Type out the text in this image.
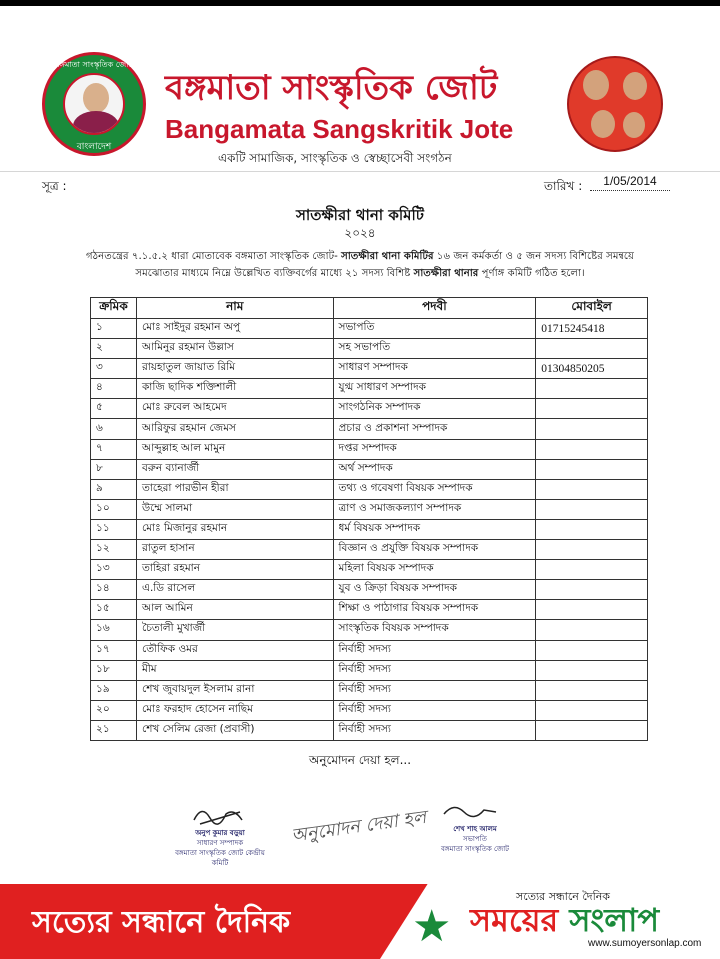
বঙ্গমাতা সাংস্কৃতিক জোট
বাংলাদেশ
বঙ্গমাতা সাংস্কৃতিক জোট
Bangamata Sangskritik Jote
একটি সামাজিক, সাংস্কৃতিক ও স্বেচ্ছাসেবী সংগঠন
সূত্র :	তারিখ :	1/05/2014
সাতক্ষীরা থানা কমিটি
২০২৪
গঠনতন্ত্রের ৭.১.৫.২ ধারা মোতাবেক বঙ্গমাতা সাংস্কৃতিক জোট- সাতক্ষীরা থানা কমিটির ১৬ জন কর্মকর্তা ও ৫ জন সদস্য বিশিষ্টের সমন্বয়ে সমঝোতার মাধ্যমে নিম্নে উল্লেখিত ব্যক্তিবর্গের মাধ্যে ২১ সদস্য বিশিষ্ট সাতক্ষীরা থানার পূর্ণাঙ্গ কমিটি গঠিত হলো।
ক্রমিক	নাম	পদবী	মোবাইল
১	মোঃ সাইদুর রহমান অপু	সভাপতি	01715245418
২	আমিনুর রহমান উল্লাস	সহ সভাপতি	
৩	রায়হাতুল জায়াত রিমি	সাধারণ সম্পাদক	01304850205
৪	কাজি ছাদিক শক্তিশালী	যুগ্ম সাধারণ সম্পাদক	
৫	মোঃ রুবেল আহমেদ	সাংগঠনিক সম্পাদক	
৬	আরিফুর রহমান জেমস	প্রচার ও প্রকাশনা সম্পাদক	
৭	আব্দুল্লাহ আল মামুন	দপ্তর সম্পাদক	
৮	বরুন ব্যানার্জী	অর্থ সম্পাদক	
৯	তাহেরা পারভীন হীরা	তথ্য ও গবেষণা বিষয়ক সম্পাদক	
১০	উম্মে সালমা	ত্রাণ ও সমাজকল্যাণ সম্পাদক	
১১	মোঃ মিজানুর রহমান	ধর্ম বিষয়ক সম্পাদক	
১২	রাতুল হাসান	বিজ্ঞান ও প্রযুক্তি বিষয়ক সম্পাদক	
১৩	তাহিরা রহমান	মহিলা বিষয়ক সম্পাদক	
১৪	এ.ডি রাসেল	যুব ও ক্রিড়া বিষয়ক সম্পাদক	
১৫	আল আমিন	শিক্ষা ও পাঠাগার বিষয়ক সম্পাদক	
১৬	চৈতালী মুখার্জী	সাংস্কৃতিক বিষয়ক সম্পাদক	
১৭	তৌফিক ওমর	নির্বাহী সদস্য	
১৮	মীম	নির্বাহী সদস্য	
১৯	শেখ জুবায়দুল ইসলাম রানা	নির্বাহী সদস্য	
২০	মোঃ ফরহাদ হোসেন নাছিম	নির্বাহী সদস্য	
২১	শেখ সেলিম রেজা (প্রবাসী)	নির্বাহী সদস্য	
অনুমোদন দেয়া হল...
অনুপ কুমার বড়ুয়া
সাধারণ সম্পাদক
বঙ্গমাতা সাংস্কৃতিক জোট কেন্দ্রীয় কমিটি
অনুমোদন দেয়া হল	শেখ শাহ আলম
সভাপতি
বঙ্গমাতা সাংস্কৃতিক জোট
সত্যের সন্ধানে দৈনিক	★
সত্যের সন্ধানে দৈনিক
সময়ের সংলাপ
www.sumoyersonlap.com
